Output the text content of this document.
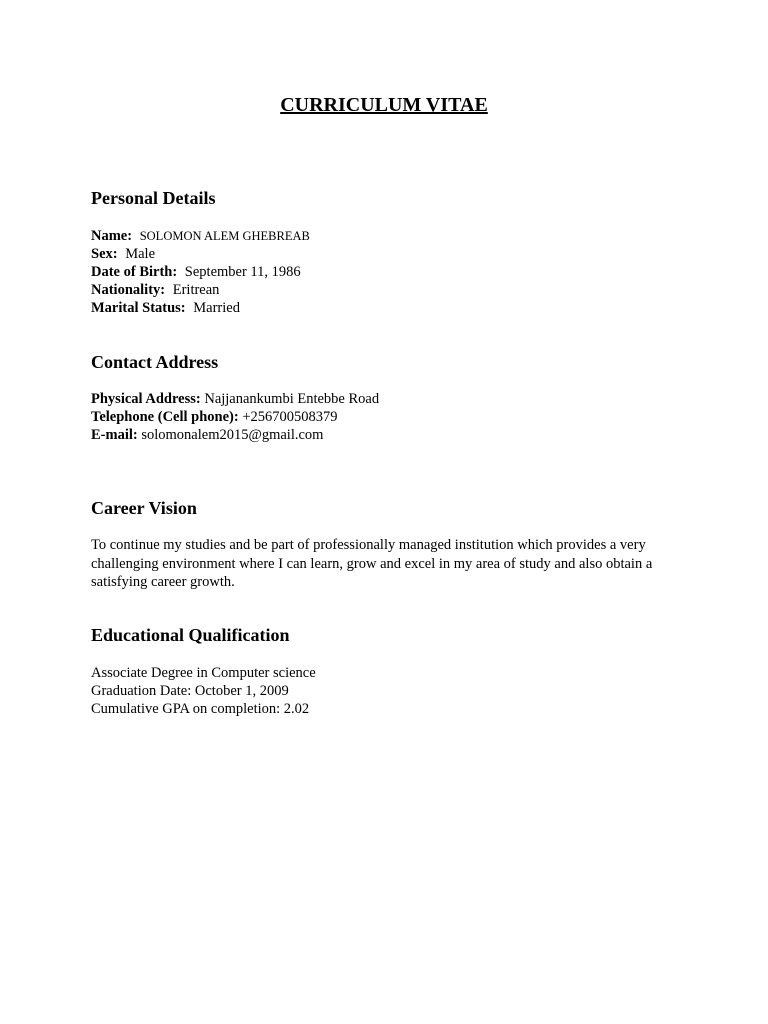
CURRICULUM VITAE
Personal Details
Name: SOLOMON ALEM GHEBREAB
Sex: Male
Date of Birth: September 11, 1986
Nationality: Eritrean
Marital Status: Married
Contact Address
Physical Address: Najjanankumbi Entebbe Road
Telephone (Cell phone): +256700508379
E-mail: solomonalem2015@gmail.com
Career Vision

To continue my studies and be part of professionally managed institution which provides a very challenging environment where I can learn, grow and excel in my area of study and also obtain a satisfying career growth.

Educational Qualification
Associate Degree in Computer science
Graduation Date: October 1, 2009
Cumulative GPA on completion: 2.02
